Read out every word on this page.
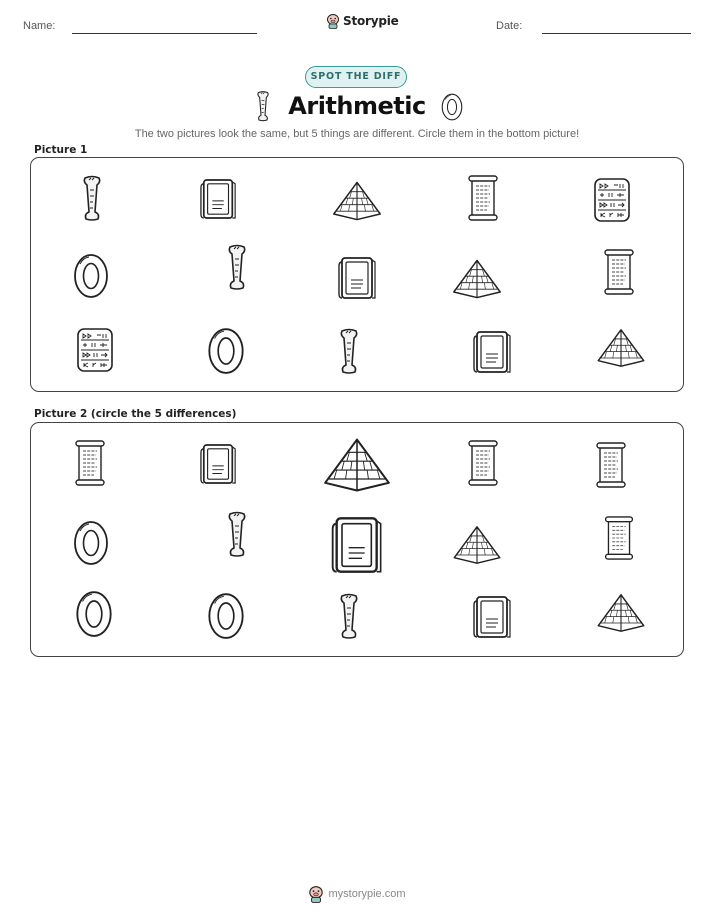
Name:	Storypie	Date:
SPOT THE DIFF
Arithmetic
The two pictures look the same, but 5 things are different. Circle them in the bottom picture!
Picture 1
Picture 2 (circle the 5 differences)
mystorypie.com
